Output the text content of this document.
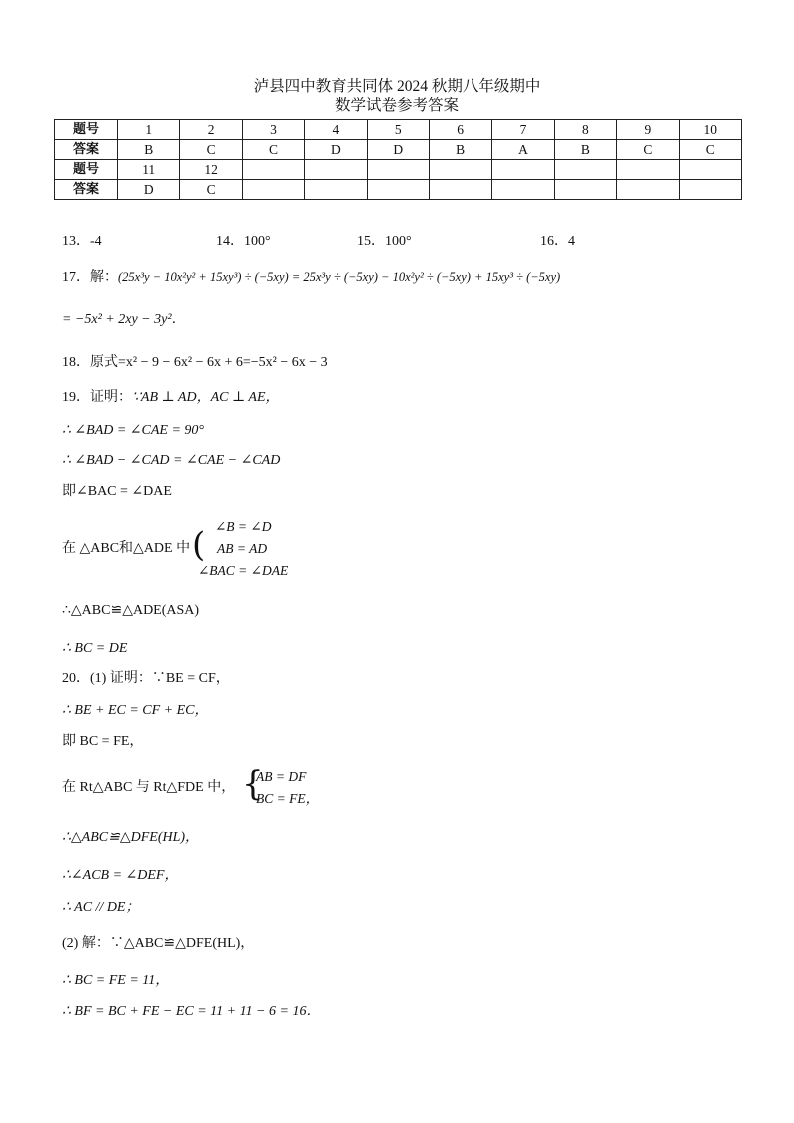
泸县四中教育共同体 2024 秋期八年级期中
数学试卷参考答案
题号	1	2	3	4	5	6	7	8	9	10
答案	B	C	C	D	D	B	A	B	C	C
题号	11	12								
答案	D	C								
13．-4	14．100°	15．100°	16．4
17．解：(25x³y − 10x²y² + 15xy³) ÷ (−5xy) = 25x³y ÷ (−5xy) − 10x²y² ÷ (−5xy) + 15xy³ ÷ (−5xy)
= −5x² + 2xy − 3y²．
18．原式=x² − 9 − 6x² − 6x + 6=−5x² − 6x − 3
19．证明：∵AB ⊥ AD，AC ⊥ AE，
∴ ∠BAD = ∠CAE = 90°
∴ ∠BAD − ∠CAD = ∠CAE − ∠CAD
即∠BAC = ∠DAE
在 △ABC和△ADE 中 ( ∠B = ∠D
AB = AD
∠BAC = ∠DAE
∴△ABC≌△ADE(ASA)
∴ BC = DE
20．(1) 证明：∵BE = CF，
∴ BE + EC = CF + EC，
即 BC = FE，
在 Rt△ABC 与 Rt△FDE 中， {
AB = DF
BC = FE，
∴△ABC≌△DFE(HL)，
∴∠ACB = ∠DEF，
∴ AC // DE；
(2) 解：∵△ABC≌△DFE(HL)，
∴ BC = FE = 11，
∴ BF = BC + FE − EC = 11 + 11 − 6 = 16．
